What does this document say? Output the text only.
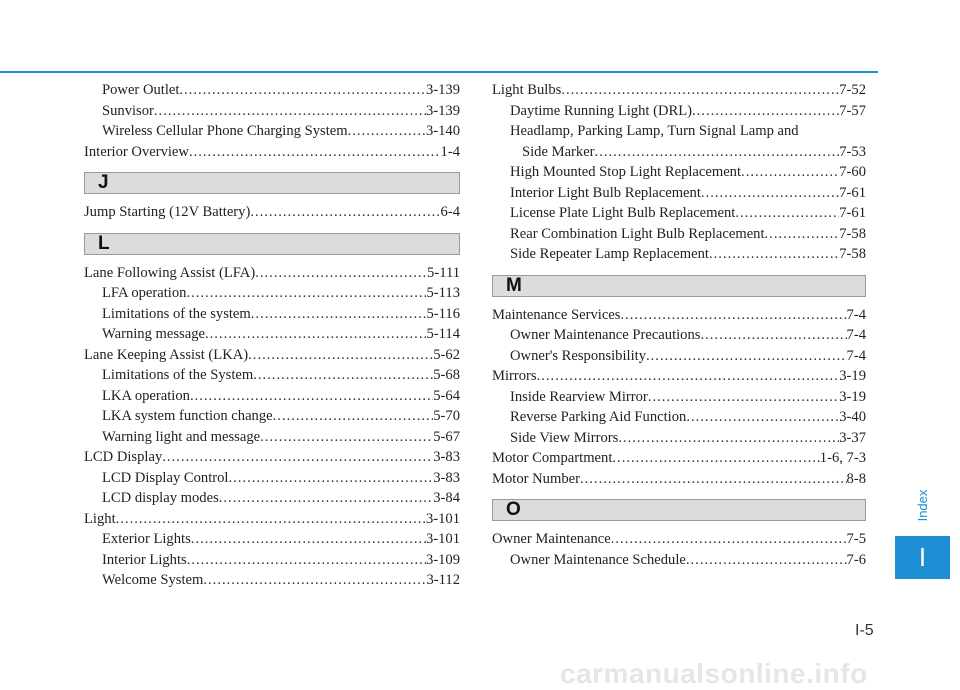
Power Outlet .....	3-139
Sunvisor .....	3-139
Wireless Cellular Phone Charging System .....	3-140
Interior Overview .....	1-4
J
Jump Starting (12V Battery) .....	6-4
L
Lane Following Assist (LFA) .....	5-111
LFA operation .....	5-113
Limitations of the system .....	5-116
Warning message .....	5-114
Lane Keeping Assist (LKA) .....	5-62
Limitations of the System .....	5-68
LKA operation .....	5-64
LKA system function change .....	5-70
Warning light and message .....	5-67
LCD Display .....	3-83
LCD Display Control .....	3-83
LCD display modes .....	3-84
Light .....	3-101
Exterior Lights .....	3-101
Interior Lights .....	3-109
Welcome System .....	3-112
Light Bulbs .....	7-52
Daytime Running Light (DRL) .....	7-57
Headlamp, Parking Lamp, Turn Signal Lamp and
Side Marker .....	7-53
High Mounted Stop Light Replacement .....	7-60
Interior Light Bulb Replacement .....	7-61
License Plate Light Bulb Replacement .....	7-61
Rear Combination Light Bulb Replacement .....	7-58
Side Repeater Lamp Replacement .....	7-58
M
Maintenance Services .....	7-4
Owner Maintenance Precautions .....	7-4
Owner's Responsibility .....	7-4
Mirrors .....	3-19
Inside Rearview Mirror .....	3-19
Reverse Parking Aid Function .....	3-40
Side View Mirrors .....	3-37
Motor Compartment .....	1-6, 7-3
Motor Number .....	8-8
O
Owner Maintenance .....	7-5
Owner Maintenance Schedule .....	7-6
Index
I
I-5
carmanualsonline.info
